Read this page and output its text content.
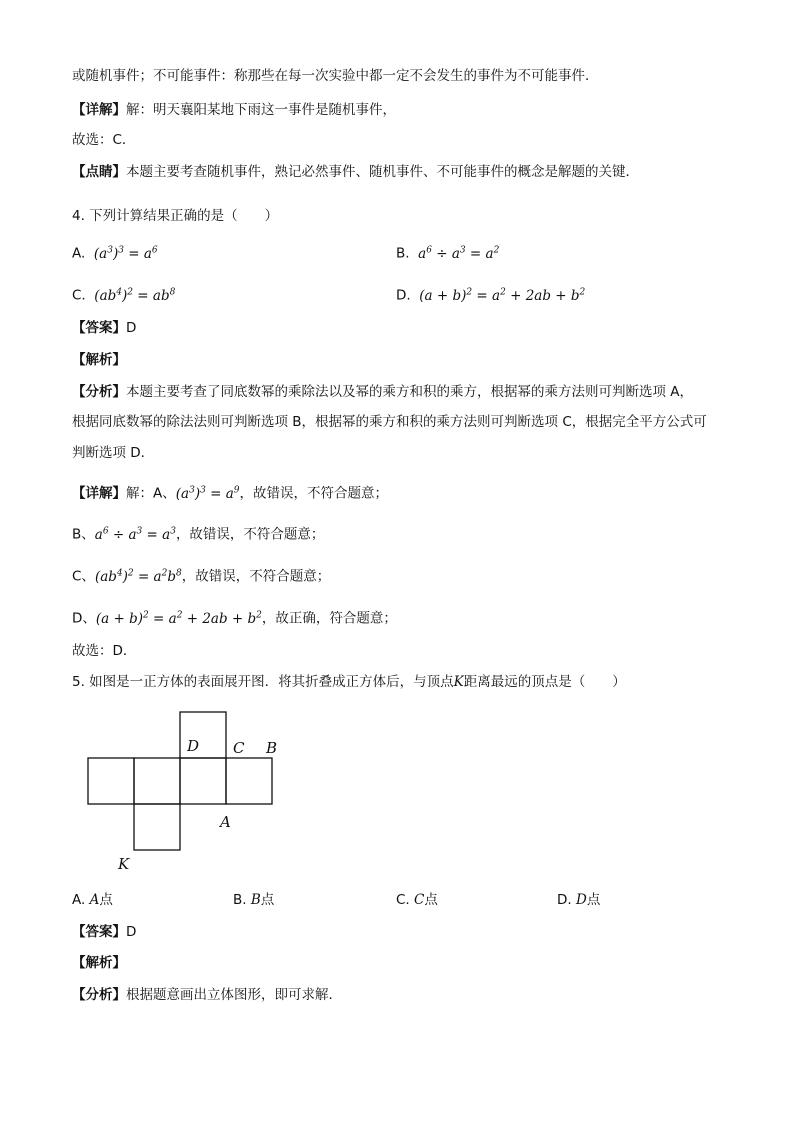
或随机事件；不可能事件：称那些在每一次实验中都一定不会发生的事件为不可能事件．
【详解】解：明天襄阳某地下雨这一事件是随机事件，
故选：C．
【点睛】本题主要考查随机事件，熟记必然事件、随机事件、不可能事件的概念是解题的关键．
4. 下列计算结果正确的是（　　）
A.  $(a^3)^3 = a^6$	B.  $a^6 \div a^3 = a^2$
C.  $(ab^4)^2 = ab^8$	D.  $(a + b)^2 = a^2 + 2ab + b^2$
【答案】D
【解析】
【分析】本题主要考查了同底数幂的乘除法以及幂的乘方和积的乘方，根据幂的乘方法则可判断选项 A，
根据同底数幂的除法法则可判断选项 B，根据幂的乘方和积的乘方法则可判断选项 C，根据完全平方公式可
判断选项 D．
【详解】解：A、$(a^3)^3 = a^9$，故错误，不符合题意；
B、$a^6 \div a^3 = a^3$，故错误，不符合题意；
C、$(ab^4)^2 = a^2b^8$，故错误，不符合题意；
D、$(a + b)^2 = a^2 + 2ab + b^2$，故正确，符合题意；
故选：D．
5. 如图是一正方体的表面展开图．将其折叠成正方体后，与顶点K距离最远的顶点是（　　）
D C B
A
K
A. A点	B. B点	C. C点	D. D点
【答案】D
【解析】
【分析】根据题意画出立体图形，即可求解．
